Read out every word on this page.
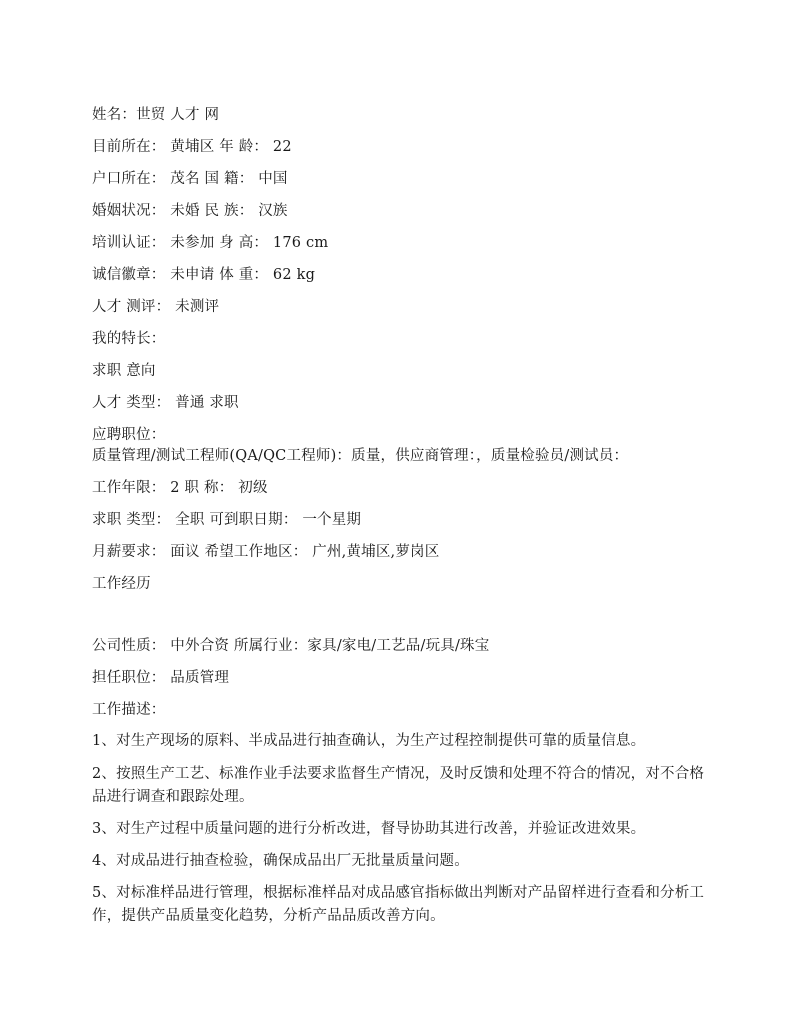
姓名：世贸 人才 网
目前所在： 黄埔区 年 龄： 22
户口所在： 茂名 国 籍： 中国
婚姻状况： 未婚 民 族： 汉族
培训认证： 未参加 身 高： 176 cm
诚信徽章： 未申请 体 重： 62 kg
人才 测评： 未测评
我的特长：
求职 意向
人才 类型： 普通 求职
应聘职位：
质量管理/测试工程师(QA/QC工程师)：质量，供应商管理：，质量检验员/测试员：
工作年限： 2 职 称： 初级
求职 类型： 全职 可到职日期： 一个星期
月薪要求： 面议 希望工作地区： 广州,黄埔区,萝岗区
工作经历
公司性质： 中外合资 所属行业：家具/家电/工艺品/玩具/珠宝
担任职位： 品质管理
工作描述：
1、对生产现场的原料、半成品进行抽查确认，为生产过程控制提供可靠的质量信息。
2、按照生产工艺、标准作业手法要求监督生产情况，及时反馈和处理不符合的情况，对不合格品进行调查和跟踪处理。
3、对生产过程中质量问题的进行分析改进，督导协助其进行改善，并验证改进效果。
4、对成品进行抽查检验，确保成品出厂无批量质量问题。
5、对标准样品进行管理，根据标准样品对成品感官指标做出判断对产品留样进行查看和分析工作，提供产品质量变化趋势，分析产品品质改善方向。
